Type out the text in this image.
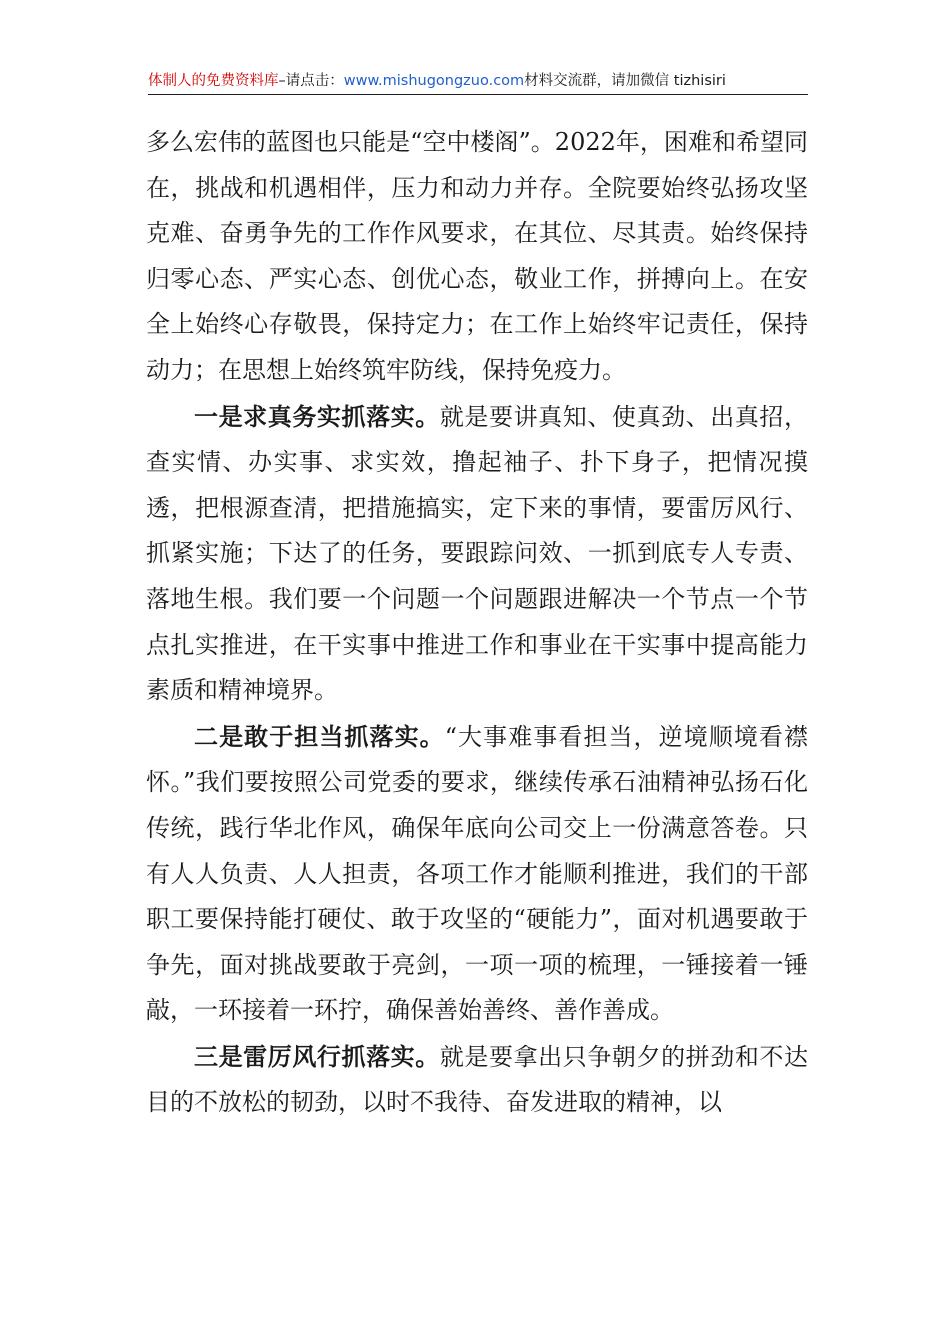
体制人的免费资料库–请点击：www.mishugongzuo.com材料交流群，请加微信 tizhisiri

多么宏伟的蓝图也只能是“空中楼阁”。2022年，困难和希望同在，挑战和机遇相伴，压力和动力并存。全院要始终弘扬攻坚克难、奋勇争先的工作作风要求，在其位、尽其责。始终保持归零心态、严实心态、创优心态，敬业工作，拼搏向上。在安全上始终心存敬畏，保持定力；在工作上始终牢记责任，保持动力；在思想上始终筑牢防线，保持免疫力。

一是求真务实抓落实。就是要讲真知、使真劲、出真招，查实情、办实事、求实效，撸起袖子、扑下身子，把情况摸透，把根源查清，把措施搞实，定下来的事情，要雷厉风行、抓紧实施；下达了的任务，要跟踪问效、一抓到底专人专责、落地生根。我们要一个问题一个问题跟进解决一个节点一个节点扎实推进，在干实事中推进工作和事业在干实事中提高能力素质和精神境界。

二是敢于担当抓落实。“大事难事看担当，逆境顺境看襟怀。”我们要按照公司党委的要求，继续传承石油精神弘扬石化传统，践行华北作风，确保年底向公司交上一份满意答卷。只有人人负责、人人担责，各项工作才能顺利推进，我们的干部职工要保持能打硬仗、敢于攻坚的“硬能力”，面对机遇要敢于争先，面对挑战要敢于亮剑，一项一项的梳理，一锤接着一锤敲，一环接着一环拧，确保善始善终、善作善成。

三是雷厉风行抓落实。就是要拿出只争朝夕的拼劲和不达目的不放松的韧劲，以时不我待、奋发进取的精神，以
